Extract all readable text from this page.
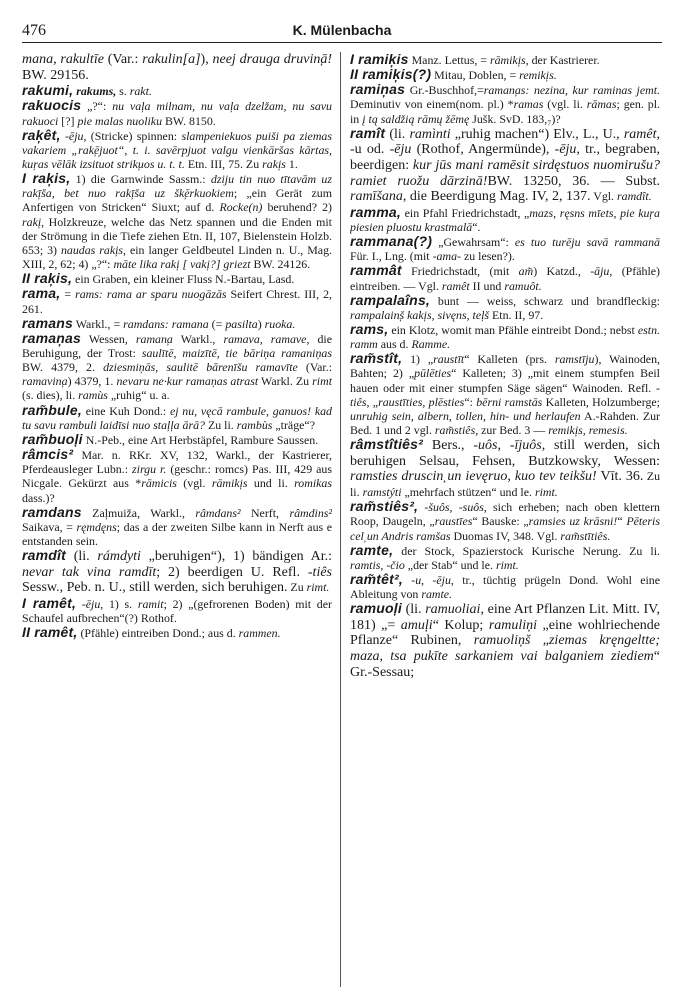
476	K. Mülenbacha
mana, rakultīe (Var.: rakulin̦[a]), neej drauga druvin̦ā! BW. 29156.
rakumi, rakums, s. rakt.
rakuocis „?“: nu vaļa milnam, nu vaļa dzelžam, nu savu rakuoci [?] pie malas nuoliku BW. 8150.
rak̦êt, -ēju, (Stricke) spinnen: slampeniekuos puiši pa ziemas vakariem „rak̦ējuot“, t. i. savērpjuot valgu vienkāršas kārtas, kuŗas vēlāk izsituot strik̦uos u. t. t. Etn. III, 75. Zu rak̦is 1.
I rak̦is, 1) die Garnwinde Sassm.: dziju tin nuo tītavām uz rak̦īša, bet nuo rak̦īša uz šk̦ērkuokiem; „ein Gerät zum Anfertigen von Stricken“ Siuxt; auf d. Rocke(n) beruhend? 2) rak̦i, Holzkreuze, welche das Netz spannen und die Enden mit der Strömung in die Tiefe ziehen Etn. II, 107, Bielenstein Holzb. 653; 3) naudas rak̦is, ein langer Geldbeutel Linden n. U., Mag. XIII, 2, 62; 4) „?“: māte lika rak̦i [ vak̦i?] griezt BW. 24126.
II rak̦is, ein Graben, ein kleiner Fluss N.-Bartau, Lasd.
rama, = rams: rama ar sparu nuogāzās Seifert Chrest. III, 2, 261.
ramans Warkl., = ramdans: ramana (= pasilta) ruoka.
raman̦as Wessen, raman̦a Warkl., ramava, ramave, die Beruhigung, der Trost: saulītē, maizītē, tie bāriņa ramaniņas BW. 4379, 2. dziesmiņās, saulitē bārenīšu ramavīte (Var.: ramavin̦a) 4379, 1. nevaru ne·kur ramaņas atrast Warkl. Zu rimt (s. dies), li. ramùs „ruhig“ u. a.
ram̃bule, eine Kuh Dond.: ej nu, vęcā rambule, ganuos! kad tu savu rambuli laidīsi nuo staļļa ārā? Zu li. rambùs „träge“?
ram̃buoļi N.-Peb., eine Art Herbstäpfel, Rambure Saussen.
râmcis² Mar. n. RKr. XV, 132, Warkl., der Kastrierer, Pferdeausleger Lubn.: zirgu r. (geschr.: romcs) Pas. III, 429 aus Nicgale. Gekürzt aus *rāmicis (vgl. rāmik̦is und li. romikas dass.)?
ramdans Zaļmuiža, Warkl., râmdans² Nerft, râmdins² Saikava, = ręmdęns; das a der zweiten Silbe kann in Nerft aus e entstanden sein.
ramdît (li. rámdyti „beruhigen“), 1) bändigen Ar.: nevar tak vina ramdīt; 2) beerdigen U. Refl. -tiês Sessw., Peb. n. U., still werden, sich beruhigen. Zu rimt.
I ramêt, -ēju, 1) s. ramit; 2) „(gefrorenen Boden) mit der Schaufel aufbrechen“(?) Rothof.
II ramêt, (Pfähle) eintreiben Dond.; aus d. rammen.
I ramik̦is Manz. Lettus, = rāmik̦is, der Kastrierer.
II ramik̦is(?) Mitau, Doblen, = remik̦is.
ramin̦as Gr.-Buschhof,=raman̦as: nezina, kur raminas jemt. Deminutiv von einem(nom. pl.) *ramas (vgl. li. rāmas; gen. pl. in į tą saldžią rāmų žēmę Jušk. SvD. 183,₇)?
ramît (li. ramìnti „ruhig machen“) Elv., L., U., ramêt, -u od. -ēju (Rothof, Angermünde), -ēju, tr., begraben, beerdigen: kur jūs mani ramēsit sirdęstuos nuomirušu? ramiet ruožu dārzinā!BW. 13250, 36. — Subst. ramīšana, die Beerdigung Mag. IV, 2, 137. Vgl. ramdît.
ramma, ein Pfahl Friedrichstadt, „mazs, ręsns mīets, pie kuŗa piesien pluostu krastmalā“.
rammana(?) „Gewahrsam“: es tuo turēju savā rammanā Für. I., Lng. (mit -ama- zu lesen?).
rammât Friedrichstadt, (mit am̃) Katzd., -āju, (Pfähle) eintreiben. — Vgl. ramêt II und ramuôt.
rampalaîns, bunt — weiss, schwarz und brandfleckig: rampalain̦š kak̦is, sivęns, teļš Etn. II, 97.
rams, ein Klotz, womit man Pfähle eintreibt Dond.; nebst estn. ramm aus d. Ramme.
ram̃stît, 1) „raustīt“ Kalleten (prs. ramstīju), Wainoden, Bahten; 2) „pūlēties“ Kalleten; 3) „mit einem stumpfen Beil hauen oder mit einer stumpfen Säge sägen“ Wainoden. Refl. -tiês, „raustīties, plēsties“: bērni ramstās Kalleten, Holzumberge; unruhig sein, albern, tollen, hin- und herlaufen A.-Rahden. Zur Bed. 1 und 2 vgl. ram̃stiês, zur Bed. 3 — remik̦is, remesis.
râmstîtiês² Bers., -uôs, -ījuôs, still werden, sich beruhigen Selsau, Fehsen, Butzkowsky, Wessen: ramsties druscin̦ un ievęruo, kuo tev teikšu! Vīt. 36. Zu li. ramstýti „mehrfach stützen“ und le. rimt.
ram̃stiês², -šuôs, -suôs, sich erheben; nach oben klettern Roop, Daugeln, „raustīes“ Bauske: „ramsies uz krāsni!“ Pēteris cel̦ un Andris ramšas Duomas IV, 348. Vgl. ram̃stītiês.
ramte, der Stock, Spazierstock Kurische Nerung. Zu li. ramtis, -čio „der Stab“ und le. rimt.
ram̃têt², -u, -ēju, tr., tüchtig prügeln Dond. Wohl eine Ableitung von ramte.
ramuoļi (li. ramuoliai, eine Art Pflanzen Lit. Mitt. IV, 181) „= amuļi“ Kolup; ramuliņi „eine wohlriechende Pflanze“ Rubinen, ramuoliņš „ziemas kręngeltte; maza, tsa pukīte sarkaniem vai balganiem ziediem“ Gr.-Sessau;
